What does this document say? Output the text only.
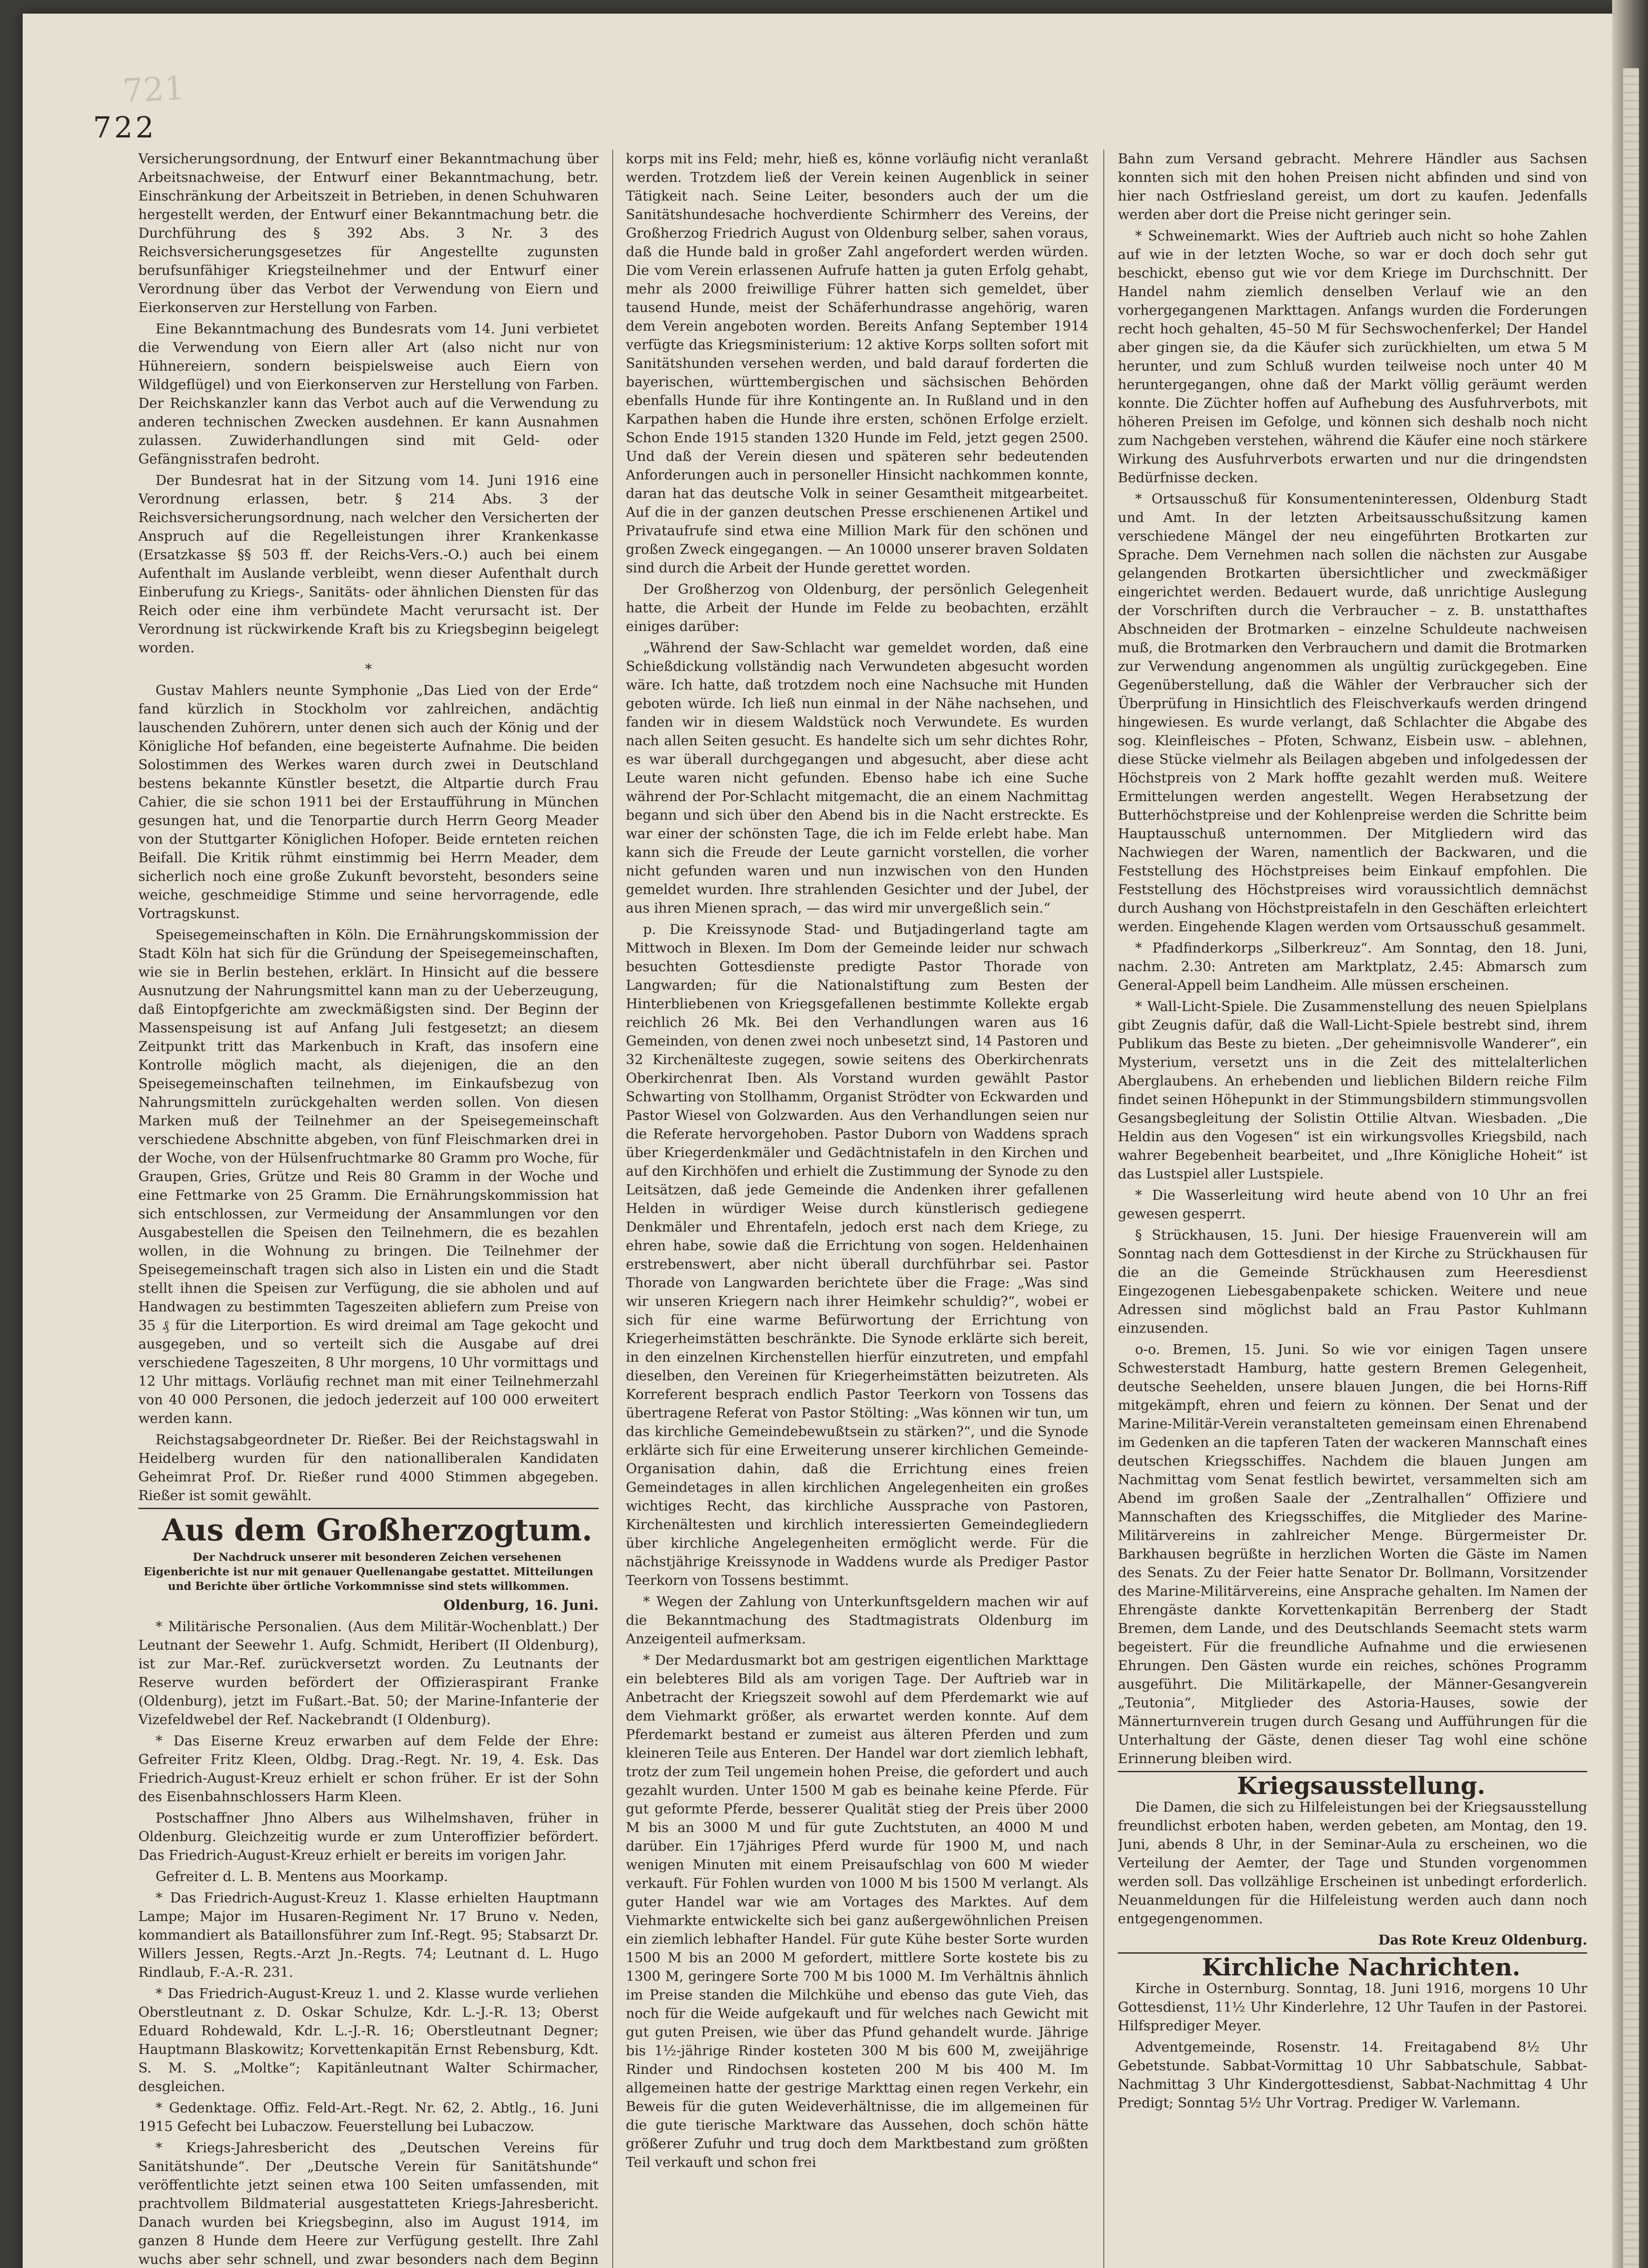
721
722

Versicherungsordnung, der Entwurf einer Bekanntmachung über Arbeitsnachweise, der Entwurf einer Bekanntmachung, betr. Einschränkung der Arbeitszeit in Betrieben, in denen Schuhwaren hergestellt werden, der Entwurf einer Bekanntmachung betr. die Durchführung des § 392 Abs. 3 Nr. 3 des Reichsversicherungsgesetzes für Angestellte zugunsten berufsunfähiger Kriegsteilnehmer und der Entwurf einer Verordnung über das Verbot der Verwendung von Eiern und Eierkonserven zur Herstellung von Farben.

Eine Bekanntmachung des Bundesrats vom 14. Juni verbietet die Verwendung von Eiern aller Art (also nicht nur von Hühnereiern, sondern beispielsweise auch Eiern von Wildgeflügel) und von Eierkonserven zur Herstellung von Farben. Der Reichskanzler kann das Verbot auch auf die Verwendung zu anderen technischen Zwecken ausdehnen. Er kann Ausnahmen zulassen. Zuwiderhandlungen sind mit Geld- oder Gefängnisstrafen bedroht.

Der Bundesrat hat in der Sitzung vom 14. Juni 1916 eine Verordnung erlassen, betr. § 214 Abs. 3 der Reichsversicherungsordnung, nach welcher den Versicherten der Anspruch auf die Regelleistungen ihrer Krankenkasse (Ersatzkasse §§ 503 ff. der Reichs-Vers.-O.) auch bei einem Aufenthalt im Auslande verbleibt, wenn dieser Aufenthalt durch Einberufung zu Kriegs-, Sanitäts- oder ähnlichen Diensten für das Reich oder eine ihm verbündete Macht verursacht ist. Der Verordnung ist rückwirkende Kraft bis zu Kriegsbeginn beigelegt worden.

*

Gustav Mahlers neunte Symphonie „Das Lied von der Erde“ fand kürzlich in Stockholm vor zahlreichen, andächtig lauschenden Zuhörern, unter denen sich auch der König und der Königliche Hof befanden, eine begeisterte Aufnahme. Die beiden Solostimmen des Werkes waren durch zwei in Deutschland bestens bekannte Künstler besetzt, die Altpartie durch Frau Cahier, die sie schon 1911 bei der Erstaufführung in München gesungen hat, und die Tenorpartie durch Herrn Georg Meader von der Stuttgarter Königlichen Hofoper. Beide ernteten reichen Beifall. Die Kritik rühmt einstimmig bei Herrn Meader, dem sicherlich noch eine große Zukunft bevorsteht, besonders seine weiche, geschmeidige Stimme und seine hervorragende, edle Vortragskunst.

Speisegemeinschaften in Köln. Die Ernährungskommission der Stadt Köln hat sich für die Gründung der Speisegemeinschaften, wie sie in Berlin bestehen, erklärt. In Hinsicht auf die bessere Ausnutzung der Nahrungsmittel kann man zu der Ueberzeugung, daß Eintopfgerichte am zweckmäßigsten sind. Der Beginn der Massenspeisung ist auf Anfang Juli festgesetzt; an diesem Zeitpunkt tritt das Markenbuch in Kraft, das insofern eine Kontrolle möglich macht, als diejenigen, die an den Speisegemeinschaften teilnehmen, im Einkaufsbezug von Nahrungsmitteln zurückgehalten werden sollen. Von diesen Marken muß der Teilnehmer an der Speisegemeinschaft verschiedene Abschnitte abgeben, von fünf Fleischmarken drei in der Woche, von der Hülsenfruchtmarke 80 Gramm pro Woche, für Graupen, Gries, Grütze und Reis 80 Gramm in der Woche und eine Fettmarke von 25 Gramm. Die Ernährungskommission hat sich entschlossen, zur Vermeidung der Ansammlungen vor den Ausgabestellen die Speisen den Teilnehmern, die es bezahlen wollen, in die Wohnung zu bringen. Die Teilnehmer der Speisegemeinschaft tragen sich also in Listen ein und die Stadt stellt ihnen die Speisen zur Verfügung, die sie abholen und auf Handwagen zu bestimmten Tageszeiten abliefern zum Preise von 35 ₰ für die Literportion. Es wird dreimal am Tage gekocht und ausgegeben, und so verteilt sich die Ausgabe auf drei verschiedene Tageszeiten, 8 Uhr morgens, 10 Uhr vormittags und 12 Uhr mittags. Vorläufig rechnet man mit einer Teilnehmerzahl von 40 000 Personen, die jedoch jederzeit auf 100 000 erweitert werden kann.

Reichstagsabgeordneter Dr. Rießer. Bei der Reichstagswahl in Heidelberg wurden für den nationalliberalen Kandidaten Geheimrat Prof. Dr. Rießer rund 4000 Stimmen abgegeben. Rießer ist somit gewählt.

Aus dem Großherzogtum.

Der Nachdruck unserer mit besonderen Zeichen versehenen Eigenberichte ist nur mit genauer Quellenangabe gestattet. Mitteilungen und Berichte über örtliche Vorkommnisse sind stets willkommen.

Oldenburg, 16. Juni.

* Militärische Personalien. (Aus dem Militär-Wochenblatt.) Der Leutnant der Seewehr 1. Aufg. Schmidt, Heribert (II Oldenburg), ist zur Mar.-Ref. zurückversetzt worden. Zu Leutnants der Reserve wurden befördert der Offizieraspirant Franke (Oldenburg), jetzt im Fußart.-Bat. 50; der Marine-Infanterie der Vizefeldwebel der Ref. Nackebrandt (I Oldenburg).

* Das Eiserne Kreuz erwarben auf dem Felde der Ehre: Gefreiter Fritz Kleen, Oldbg. Drag.-Regt. Nr. 19, 4. Esk. Das Friedrich-August-Kreuz erhielt er schon früher. Er ist der Sohn des Eisenbahnschlossers Harm Kleen.

Postschaffner Jhno Albers aus Wilhelmshaven, früher in Oldenburg. Gleichzeitig wurde er zum Unteroffizier befördert. Das Friedrich-August-Kreuz erhielt er bereits im vorigen Jahr.

Gefreiter d. L. B. Mentens aus Moorkamp.

* Das Friedrich-August-Kreuz 1. Klasse erhielten Hauptmann Lampe; Major im Husaren-Regiment Nr. 17 Bruno v. Neden, kommandiert als Bataillonsführer zum Inf.-Regt. 95; Stabsarzt Dr. Willers Jessen, Regts.-Arzt Jn.-Regts. 74; Leutnant d. L. Hugo Rindlaub, F.-A.-R. 231.

* Das Friedrich-August-Kreuz 1. und 2. Klasse wurde verliehen Oberstleutnant z. D. Oskar Schulze, Kdr. L.-J.-R. 13; Oberst Eduard Rohdewald, Kdr. L.-J.-R. 16; Oberstleutnant Degner; Hauptmann Blaskowitz; Korvettenkapitän Ernst Rebensburg, Kdt. S. M. S. „Moltke“; Kapitänleutnant Walter Schirmacher, desgleichen.

* Gedenktage. Offiz. Feld-Art.-Regt. Nr. 62, 2. Abtlg., 16. Juni 1915 Gefecht bei Lubaczow. Feuerstellung bei Lubaczow.

* Kriegs-Jahresbericht des „Deutschen Vereins für Sanitätshunde“. Der „Deutsche Verein für Sanitätshunde“ veröffentlichte jetzt seinen etwa 100 Seiten umfassenden, mit prachtvollem Bildmaterial ausgestatteten Kriegs-Jahresbericht. Danach wurden bei Kriegsbeginn, also im August 1914, im ganzen 8 Hunde dem Heere zur Verfügung gestellt. Ihre Zahl wuchs aber sehr schnell, und zwar besonders nach dem Beginn

korps mit ins Feld; mehr, hieß es, könne vorläufig nicht veranlaßt werden. Trotzdem ließ der Verein keinen Augenblick in seiner Tätigkeit nach. Seine Leiter, besonders auch der um die Sanitätshundesache hochverdiente Schirmherr des Vereins, der Großherzog Friedrich August von Oldenburg selber, sahen voraus, daß die Hunde bald in großer Zahl angefordert werden würden. Die vom Verein erlassenen Aufrufe hatten ja guten Erfolg gehabt, mehr als 2000 freiwillige Führer hatten sich gemeldet, über tausend Hunde, meist der Schäferhundrasse angehörig, waren dem Verein angeboten worden. Bereits Anfang September 1914 verfügte das Kriegsministerium: 12 aktive Korps sollten sofort mit Sanitätshunden versehen werden, und bald darauf forderten die bayerischen, württembergischen und sächsischen Behörden ebenfalls Hunde für ihre Kontingente an. In Rußland und in den Karpathen haben die Hunde ihre ersten, schönen Erfolge erzielt. Schon Ende 1915 standen 1320 Hunde im Feld, jetzt gegen 2500. Und daß der Verein diesen und späteren sehr bedeutenden Anforderungen auch in personeller Hinsicht nachkommen konnte, daran hat das deutsche Volk in seiner Gesamtheit mitgearbeitet. Auf die in der ganzen deutschen Presse erschienenen Artikel und Privataufrufe sind etwa eine Million Mark für den schönen und großen Zweck eingegangen. — An 10000 unserer braven Soldaten sind durch die Arbeit der Hunde gerettet worden.

Der Großherzog von Oldenburg, der persönlich Gelegenheit hatte, die Arbeit der Hunde im Felde zu beobachten, erzählt einiges darüber:

„Während der Saw-Schlacht war gemeldet worden, daß eine Schießdickung vollständig nach Verwundeten abgesucht worden wäre. Ich hatte, daß trotzdem noch eine Nachsuche mit Hunden geboten würde. Ich ließ nun einmal in der Nähe nachsehen, und fanden wir in diesem Waldstück noch Verwundete. Es wurden nach allen Seiten gesucht. Es handelte sich um sehr dichtes Rohr, es war überall durchgegangen und abgesucht, aber diese acht Leute waren nicht gefunden. Ebenso habe ich eine Suche während der Por-Schlacht mitgemacht, die an einem Nachmittag begann und sich über den Abend bis in die Nacht erstreckte. Es war einer der schönsten Tage, die ich im Felde erlebt habe. Man kann sich die Freude der Leute garnicht vorstellen, die vorher nicht gefunden waren und nun inzwischen von den Hunden gemeldet wurden. Ihre strahlenden Gesichter und der Jubel, der aus ihren Mienen sprach, — das wird mir unvergeßlich sein.“

p. Die Kreissynode Stad- und Butjadingerland tagte am Mittwoch in Blexen. Im Dom der Gemeinde leider nur schwach besuchten Gottesdienste predigte Pastor Thorade von Langwarden; für die Nationalstiftung zum Besten der Hinterbliebenen von Kriegsgefallenen bestimmte Kollekte ergab reichlich 26 Mk. Bei den Verhandlungen waren aus 16 Gemeinden, von denen zwei noch unbesetzt sind, 14 Pastoren und 32 Kirchenälteste zugegen, sowie seitens des Oberkirchenrats Oberkirchenrat Iben. Als Vorstand wurden gewählt Pastor Schwarting von Stollhamm, Organist Strödter von Eckwarden und Pastor Wiesel von Golzwarden. Aus den Verhandlungen seien nur die Referate hervorgehoben. Pastor Duborn von Waddens sprach über Kriegerdenkmäler und Gedächtnistafeln in den Kirchen und auf den Kirchhöfen und erhielt die Zustimmung der Synode zu den Leitsätzen, daß jede Gemeinde die Andenken ihrer gefallenen Helden in würdiger Weise durch künstlerisch gediegene Denkmäler und Ehrentafeln, jedoch erst nach dem Kriege, zu ehren habe, sowie daß die Errichtung von sogen. Heldenhainen erstrebenswert, aber nicht überall durchführbar sei. Pastor Thorade von Langwarden berichtete über die Frage: „Was sind wir unseren Kriegern nach ihrer Heimkehr schuldig?“, wobei er sich für eine warme Befürwortung der Errichtung von Kriegerheimstätten beschränkte. Die Synode erklärte sich bereit, in den einzelnen Kirchenstellen hierfür einzutreten, und empfahl dieselben, den Vereinen für Kriegerheimstätten beizutreten. Als Korreferent besprach endlich Pastor Teerkorn von Tossens das übertragene Referat von Pastor Stölting: „Was können wir tun, um das kirchliche Gemeindebewußtsein zu stärken?“, und die Synode erklärte sich für eine Erweiterung unserer kirchlichen Gemeinde-Organisation dahin, daß die Errichtung eines freien Gemeindetages in allen kirchlichen Angelegenheiten ein großes wichtiges Recht, das kirchliche Aussprache von Pastoren, Kirchenältesten und kirchlich interessierten Gemeindegliedern über kirchliche Angelegenheiten ermöglicht werde. Für die nächstjährige Kreissynode in Waddens wurde als Prediger Pastor Teerkorn von Tossens bestimmt.

* Wegen der Zahlung von Unterkunftsgeldern machen wir auf die Bekanntmachung des Stadtmagistrats Oldenburg im Anzeigenteil aufmerksam.

* Der Medardusmarkt bot am gestrigen eigentlichen Markttage ein belebteres Bild als am vorigen Tage. Der Auftrieb war in Anbetracht der Kriegszeit sowohl auf dem Pferdemarkt wie auf dem Viehmarkt größer, als erwartet werden konnte. Auf dem Pferdemarkt bestand er zumeist aus älteren Pferden und zum kleineren Teile aus Enteren. Der Handel war dort ziemlich lebhaft, trotz der zum Teil ungemein hohen Preise, die gefordert und auch gezahlt wurden. Unter 1500 M gab es beinahe keine Pferde. Für gut geformte Pferde, besserer Qualität stieg der Preis über 2000 M bis an 3000 M und für gute Zuchtstuten, an 4000 M und darüber. Ein 17jähriges Pferd wurde für 1900 M, und nach wenigen Minuten mit einem Preisaufschlag von 600 M wieder verkauft. Für Fohlen wurden von 1000 M bis 1500 M verlangt. Als guter Handel war wie am Vortages des Marktes. Auf dem Viehmarkte entwickelte sich bei ganz außergewöhnlichen Preisen ein ziemlich lebhafter Handel. Für gute Kühe bester Sorte wurden 1500 M bis an 2000 M gefordert, mittlere Sorte kostete bis zu 1300 M, geringere Sorte 700 M bis 1000 M. Im Verhältnis ähnlich im Preise standen die Milchkühe und ebenso das gute Vieh, das noch für die Weide aufgekauft und für welches nach Gewicht mit gut guten Preisen, wie über das Pfund gehandelt wurde. Jährige bis 1½-jährige Rinder kosteten 300 M bis 600 M, zweijährige Rinder und Rindochsen kosteten 200 M bis 400 M. Im allgemeinen hatte der gestrige Markttag einen regen Verkehr, ein Beweis für die guten Weideverhältnisse, die im allgemeinen für die gute tierische Marktware das Aussehen, doch schön hätte größerer Zufuhr und trug doch dem Marktbestand zum größten Teil verkauft und schon frei

Bahn zum Versand gebracht. Mehrere Händler aus Sachsen konnten sich mit den hohen Preisen nicht abfinden und sind von hier nach Ostfriesland gereist, um dort zu kaufen. Jedenfalls werden aber dort die Preise nicht geringer sein.

* Schweinemarkt. Wies der Auftrieb auch nicht so hohe Zahlen auf wie in der letzten Woche, so war er doch doch sehr gut beschickt, ebenso gut wie vor dem Kriege im Durchschnitt. Der Handel nahm ziemlich denselben Verlauf wie an den vorhergegangenen Markttagen. Anfangs wurden die Forderungen recht hoch gehalten, 45–50 M für Sechswochenferkel; Der Handel aber gingen sie, da die Käufer sich zurückhielten, um etwa 5 M herunter, und zum Schluß wurden teilweise noch unter 40 M heruntergegangen, ohne daß der Markt völlig geräumt werden konnte. Die Züchter hoffen auf Aufhebung des Ausfuhrverbots, mit höheren Preisen im Gefolge, und können sich deshalb noch nicht zum Nachgeben verstehen, während die Käufer eine noch stärkere Wirkung des Ausfuhrverbots erwarten und nur die dringendsten Bedürfnisse decken.

* Ortsausschuß für Konsumenteninteressen, Oldenburg Stadt und Amt. In der letzten Arbeitsausschußsitzung kamen verschiedene Mängel der neu eingeführten Brotkarten zur Sprache. Dem Vernehmen nach sollen die nächsten zur Ausgabe gelangenden Brotkarten übersichtlicher und zweckmäßiger eingerichtet werden. Bedauert wurde, daß unrichtige Auslegung der Vorschriften durch die Verbraucher – z. B. unstatthaftes Abschneiden der Brotmarken – einzelne Schuldeute nachweisen muß, die Brotmarken den Verbrauchern und damit die Brotmarken zur Verwendung angenommen als ungültig zurückgegeben. Eine Gegenüberstellung, daß die Wähler der Verbraucher sich der Überprüfung in Hinsichtlich des Fleischverkaufs werden dringend hingewiesen. Es wurde verlangt, daß Schlachter die Abgabe des sog. Kleinfleisches – Pfoten, Schwanz, Eisbein usw. – ablehnen, diese Stücke vielmehr als Beilagen abgeben und infolgedessen der Höchstpreis von 2 Mark hoffte gezahlt werden muß. Weitere Ermittelungen werden angestellt. Wegen Herabsetzung der Butterhöchstpreise und der Kohlenpreise werden die Schritte beim Hauptausschuß unternommen. Der Mitgliedern wird das Nachwiegen der Waren, namentlich der Backwaren, und die Feststellung des Höchstpreises beim Einkauf empfohlen. Die Feststellung des Höchstpreises wird voraussichtlich demnächst durch Aushang von Höchstpreistafeln in den Geschäften erleichtert werden. Eingehende Klagen werden vom Ortsausschuß gesammelt.

* Pfadfinderkorps „Silberkreuz“. Am Sonntag, den 18. Juni, nachm. 2.30: Antreten am Marktplatz, 2.45: Abmarsch zum General-Appell beim Landheim. Alle müssen erscheinen.

* Wall-Licht-Spiele. Die Zusammenstellung des neuen Spielplans gibt Zeugnis dafür, daß die Wall-Licht-Spiele bestrebt sind, ihrem Publikum das Beste zu bieten. „Der geheimnisvolle Wanderer“, ein Mysterium, versetzt uns in die Zeit des mittelalterlichen Aberglaubens. An erhebenden und lieblichen Bildern reiche Film findet seinen Höhepunkt in der Stimmungsbildern stimmungsvollen Gesangsbegleitung der Solistin Ottilie Altvan. Wiesbaden. „Die Heldin aus den Vogesen“ ist ein wirkungsvolles Kriegsbild, nach wahrer Begebenheit bearbeitet, und „Ihre Königliche Hoheit“ ist das Lustspiel aller Lustspiele.

* Die Wasserleitung wird heute abend von 10 Uhr an frei gewesen gesperrt.

§ Strückhausen, 15. Juni. Der hiesige Frauenverein will am Sonntag nach dem Gottesdienst in der Kirche zu Strückhausen für die an die Gemeinde Strückhausen zum Heeresdienst Eingezogenen Liebesgabenpakete schicken. Weitere und neue Adressen sind möglichst bald an Frau Pastor Kuhlmann einzusenden.

o-o. Bremen, 15. Juni. So wie vor einigen Tagen unsere Schwesterstadt Hamburg, hatte gestern Bremen Gelegenheit, deutsche Seehelden, unsere blauen Jungen, die bei Horns-Riff mitgekämpft, ehren und feiern zu können. Der Senat und der Marine-Militär-Verein veranstalteten gemeinsam einen Ehrenabend im Gedenken an die tapferen Taten der wackeren Mannschaft eines deutschen Kriegsschiffes. Nachdem die blauen Jungen am Nachmittag vom Senat festlich bewirtet, versammelten sich am Abend im großen Saale der „Zentralhallen“ Offiziere und Mannschaften des Kriegsschiffes, die Mitglieder des Marine-Militärvereins in zahlreicher Menge. Bürgermeister Dr. Barkhausen begrüßte in herzlichen Worten die Gäste im Namen des Senats. Zu der Feier hatte Senator Dr. Bollmann, Vorsitzender des Marine-Militärvereins, eine Ansprache gehalten. Im Namen der Ehrengäste dankte Korvettenkapitän Berrenberg der Stadt Bremen, dem Lande, und des Deutschlands Seemacht stets warm begeistert. Für die freundliche Aufnahme und die erwiesenen Ehrungen. Den Gästen wurde ein reiches, schönes Programm ausgeführt. Die Militärkapelle, der Männer-Gesangverein „Teutonia“, Mitglieder des Astoria-Hauses, sowie der Männerturnverein trugen durch Gesang und Aufführungen für die Unterhaltung der Gäste, denen dieser Tag wohl eine schöne Erinnerung bleiben wird.

Kriegsausstellung.

Die Damen, die sich zu Hilfeleistungen bei der Kriegsausstellung freundlichst erboten haben, werden gebeten, am Montag, den 19. Juni, abends 8 Uhr, in der Seminar-Aula zu erscheinen, wo die Verteilung der Aemter, der Tage und Stunden vorgenommen werden soll. Das vollzählige Erscheinen ist unbedingt erforderlich. Neuanmeldungen für die Hilfeleistung werden auch dann noch entgegengenommen.

Das Rote Kreuz Oldenburg.

Kirchliche Nachrichten.

Kirche in Osternburg. Sonntag, 18. Juni 1916, morgens 10 Uhr Gottesdienst, 11½ Uhr Kinderlehre, 12 Uhr Taufen in der Pastorei. Hilfsprediger Meyer.

Adventgemeinde, Rosenstr. 14. Freitagabend 8½ Uhr Gebetstunde. Sabbat-Vormittag 10 Uhr Sabbatschule, Sabbat-Nachmittag 3 Uhr Kindergottesdienst, Sabbat-Nachmittag 4 Uhr Predigt; Sonntag 5½ Uhr Vortrag. Prediger W. Varlemann.
